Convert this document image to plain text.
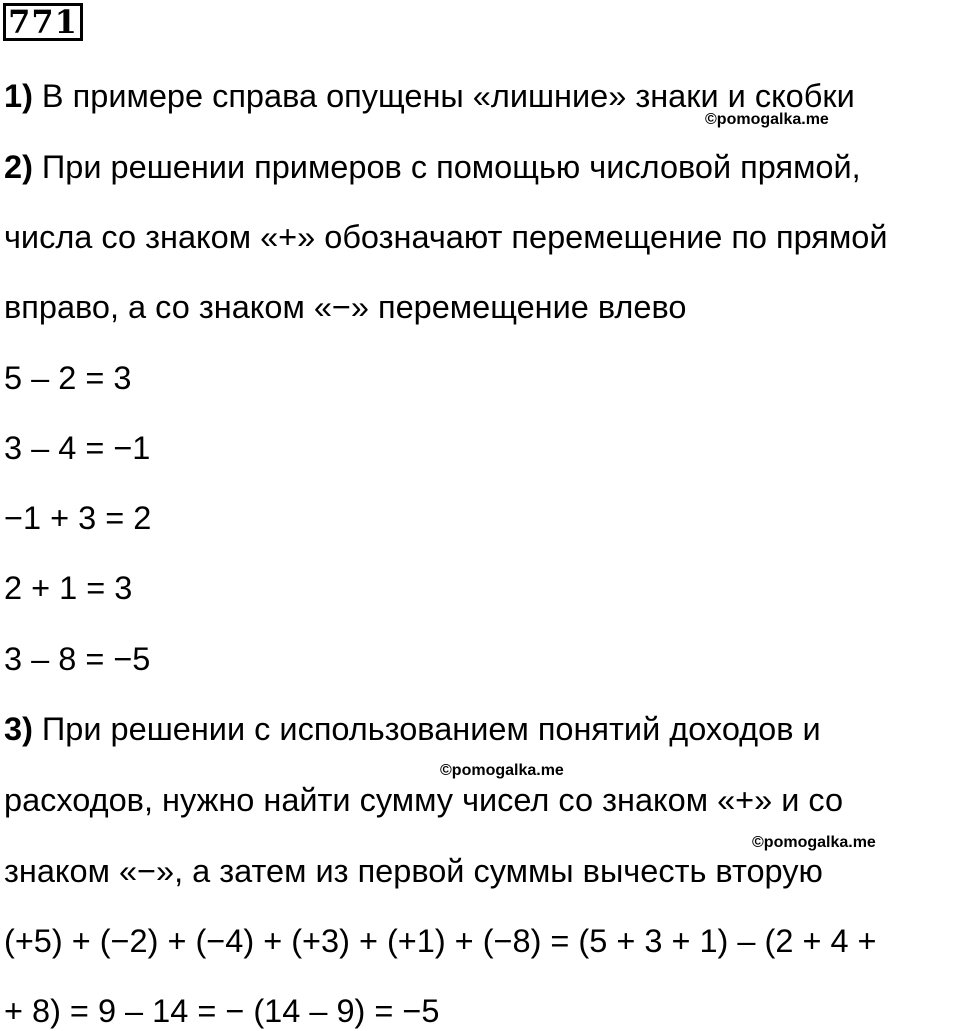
771
1) В примере справа опущены «лишние» знаки и скобки
©pomogalka.me
2) При решении примеров с помощью числовой прямой,
числа со знаком «+» обозначают перемещение по прямой
вправо, а со знаком «−» перемещение влево
5 – 2 = 3
3 – 4 = −1
−1 + 3 = 2
2 + 1 = 3
3 – 8 = −5
3) При решении с использованием понятий доходов и
©pomogalka.me
расходов, нужно найти сумму чисел со знаком «+» и со
©pomogalka.me
знаком «−», а затем из первой суммы вычесть вторую
(+5) + (−2) + (−4) + (+3) + (+1) + (−8) = (5 + 3 + 1) – (2 + 4 +
+ 8) = 9 – 14 = − (14 – 9) = −5
